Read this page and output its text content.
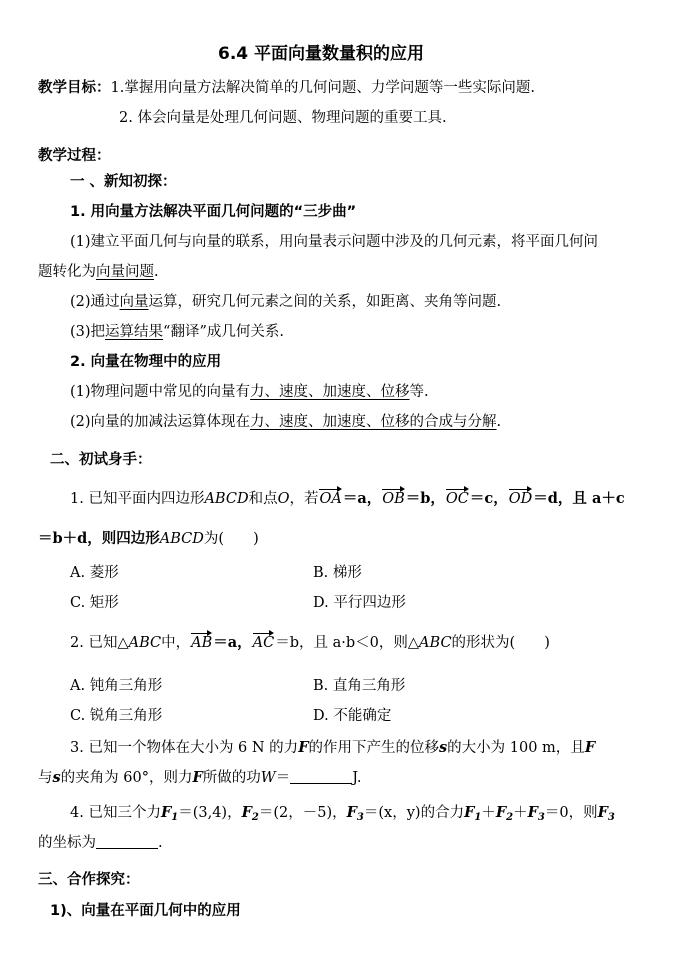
6.4 平面向量数量积的应用
教学目标：1.掌握用向量方法解决简单的几何问题、力学问题等一些实际问题.
2. 体会向量是处理几何问题、物理问题的重要工具.
教学过程：
一 、新知初探：
1. 用向量方法解决平面几何问题的“三步曲”
(1)建立平面几何与向量的联系，用向量表示问题中涉及的几何元素，将平面几何问
题转化为向量问题.
(2)通过向量运算，研究几何元素之间的关系，如距离、夹角等问题.
(3)把运算结果“翻译”成几何关系.
2. 向量在物理中的应用
(1)物理问题中常见的向量有力、速度、加速度、位移等.
(2)向量的加减法运算体现在力、速度、加速度、位移的合成与分解.
二、初试身手：
1. 已知平面内四边形ABCD和点O，若OA＝a，OB＝b，OC＝c，OD＝d，且 a＋c
＝b＋d，则四边形ABCD为(　　)
A. 菱形	B. 梯形
C. 矩形	D. 平行四边形
2. 已知△ABC中，AB＝a，AC＝b，且 a·b＜0，则△ABC的形状为(　　)
A. 钝角三角形	B. 直角三角形
C. 锐角三角形	D. 不能确定
3. 已知一个物体在大小为 6 N 的力F的作用下产生的位移s的大小为 100 m，且F
与s的夹角为 60°，则力F所做的功W＝	J.
4. 已知三个力$F_1=(3,4)$，$F_2=(2$，－5)，$F_3=(x$，y)的合力$F_1+F_2+F_3=0$，则$F_3$
的坐标为	.
三、合作探究：
1)、向量在平面几何中的应用
